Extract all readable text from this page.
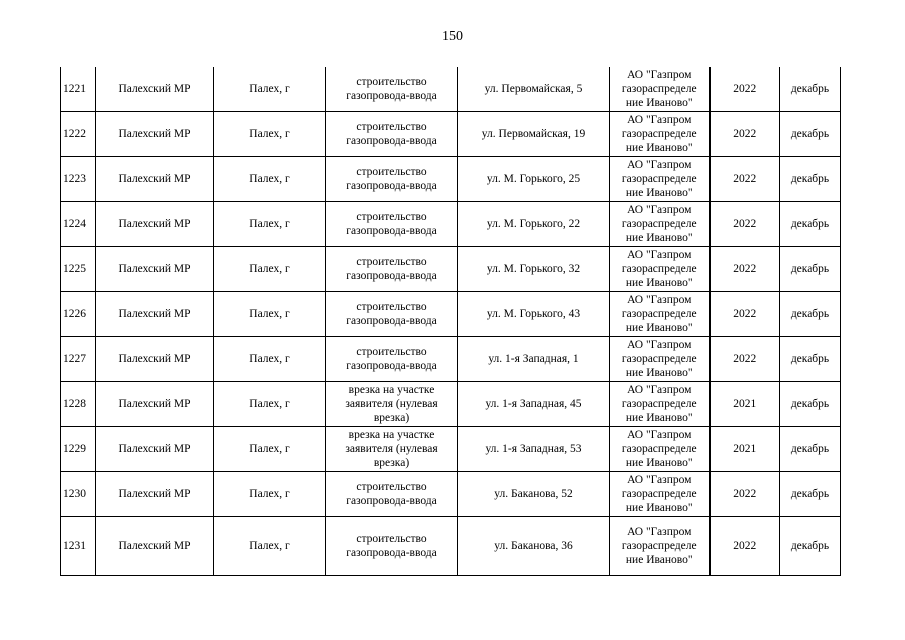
150
1221	Палехский МР	Палех, г	строительство газопровода-ввода	ул. Первомайская, 5	АО "Газпром газораспределе ние Иваново"	2022	декабрь
1222	Палехский МР	Палех, г	строительство газопровода-ввода	ул. Первомайская, 19	АО "Газпром газораспределе ние Иваново"	2022	декабрь
1223	Палехский МР	Палех, г	строительство газопровода-ввода	ул. М. Горького, 25	АО "Газпром газораспределе ние Иваново"	2022	декабрь
1224	Палехский МР	Палех, г	строительство газопровода-ввода	ул. М. Горького, 22	АО "Газпром газораспределе ние Иваново"	2022	декабрь
1225	Палехский МР	Палех, г	строительство газопровода-ввода	ул. М. Горького, 32	АО "Газпром газораспределе ние Иваново"	2022	декабрь
1226	Палехский МР	Палех, г	строительство газопровода-ввода	ул. М. Горького, 43	АО "Газпром газораспределе ние Иваново"	2022	декабрь
1227	Палехский МР	Палех, г	строительство газопровода-ввода	ул. 1-я Западная, 1	АО "Газпром газораспределе ние Иваново"	2022	декабрь
1228	Палехский МР	Палех, г	врезка на участке заявителя (нулевая врезка)	ул. 1-я Западная, 45	АО "Газпром газораспределе ние Иваново"	2021	декабрь
1229	Палехский МР	Палех, г	врезка на участке заявителя (нулевая врезка)	ул. 1-я Западная, 53	АО "Газпром газораспределе ние Иваново"	2021	декабрь
1230	Палехский МР	Палех, г	строительство газопровода-ввода	ул. Баканова, 52	АО "Газпром газораспределе ние Иваново"	2022	декабрь
1231	Палехский МР	Палех, г	строительство газопровода-ввода	ул. Баканова, 36	АО "Газпром газораспределе ние Иваново"	2022	декабрь
